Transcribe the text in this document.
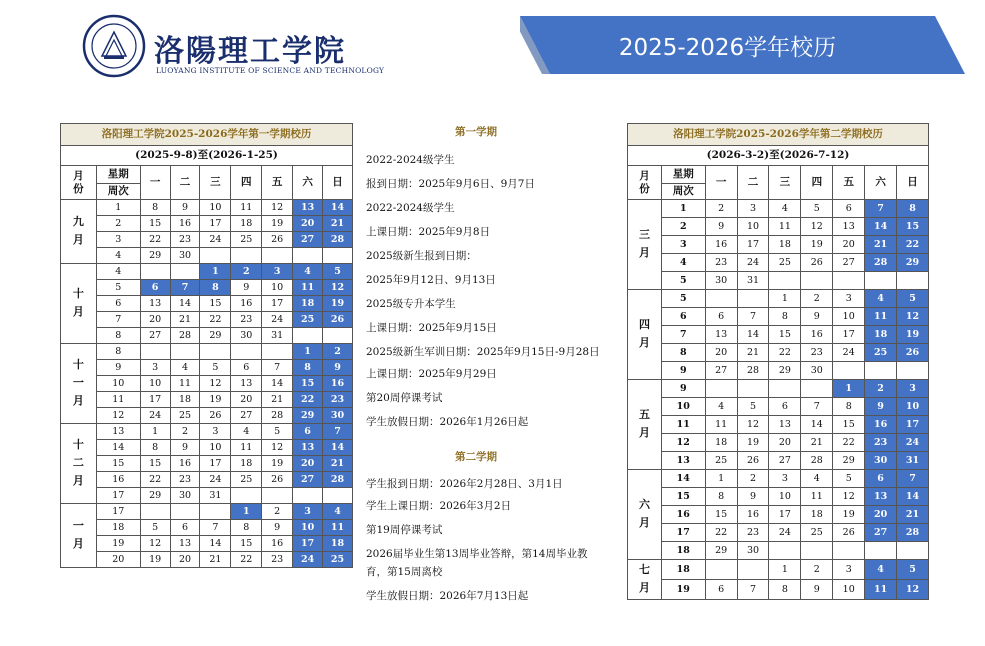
洛陽理工学院
LUOYANG INSTITUTE OF SCIENCE AND TECHNOLOGY
2025-2026学年校历
洛阳理工学院2025-2026学年第一学期校历								
(2025-9-8)至(2026-1-25)								

月
份	星期	一	二	三	四	五	六	日
	周次							

九
月	1	8	9	10	11	12	13	14
	2	15	16	17	18	19	20	21
	3	22	23	24	25	26	27	28
	4	29	30					

十
月	4			1	2	3	4	5
	5	6	7	8	9	10	11	12
	6	13	14	15	16	17	18	19
	7	20	21	22	23	24	25	26
	8	27	28	29	30	31		

十
一
月	8						1	2
	9	3	4	5	6	7	8	9
	10	10	11	12	13	14	15	16
	11	17	18	19	20	21	22	23
	12	24	25	26	27	28	29	30

十
二
月	13	1	2	3	4	5	6	7
	14	8	9	10	11	12	13	14
	15	15	16	17	18	19	20	21
	16	22	23	24	25	26	27	28
	17	29	30	31				

一
月	17				1	2	3	4
	18	5	6	7	8	9	10	11
	19	12	13	14	15	16	17	18
	20	19	20	21	22	23	24	25
洛阳理工学院2025-2026学年第二学期校历								
(2026-3-2)至(2026-7-12)								

月
份	星期	一	二	三	四	五	六	日
	周次							

三
月	1	2	3	4	5	6	7	8
	2	9	10	11	12	13	14	15
	3	16	17	18	19	20	21	22
	4	23	24	25	26	27	28	29
	5	30	31					

四
月	5			1	2	3	4	5
	6	6	7	8	9	10	11	12
	7	13	14	15	16	17	18	19
	8	20	21	22	23	24	25	26
	9	27	28	29	30			

五
月	9					1	2	3
	10	4	5	6	7	8	9	10
	11	11	12	13	14	15	16	17
	12	18	19	20	21	22	23	24
	13	25	26	27	28	29	30	31

六
月	14	1	2	3	4	5	6	7
	15	8	9	10	11	12	13	14
	16	15	16	17	18	19	20	21
	17	22	23	24	25	26	27	28
	18	29	30					

七
月	18			1	2	3	4	5
	19	6	7	8	9	10	11	12
第一学期
2022-2024级学生
报到日期：2025年9月6日、9月7日
2022-2024级学生
上课日期：2025年9月8日
2025级新生报到日期：
2025年9月12日、9月13日
2025级专升本学生
上课日期：2025年9月15日
2025级新生军训日期：2025年9月15日-9月28日
上课日期：2025年9月29日
第20周停课考试
学生放假日期：2026年1月26日起
第二学期
学生报到日期：2026年2月28日、3月1日
学生上课日期：2026年3月2日
第19周停课考试
2026届毕业生第13周毕业答辩，第14周毕业教
育，第15周离校
学生放假日期：2026年7月13日起
